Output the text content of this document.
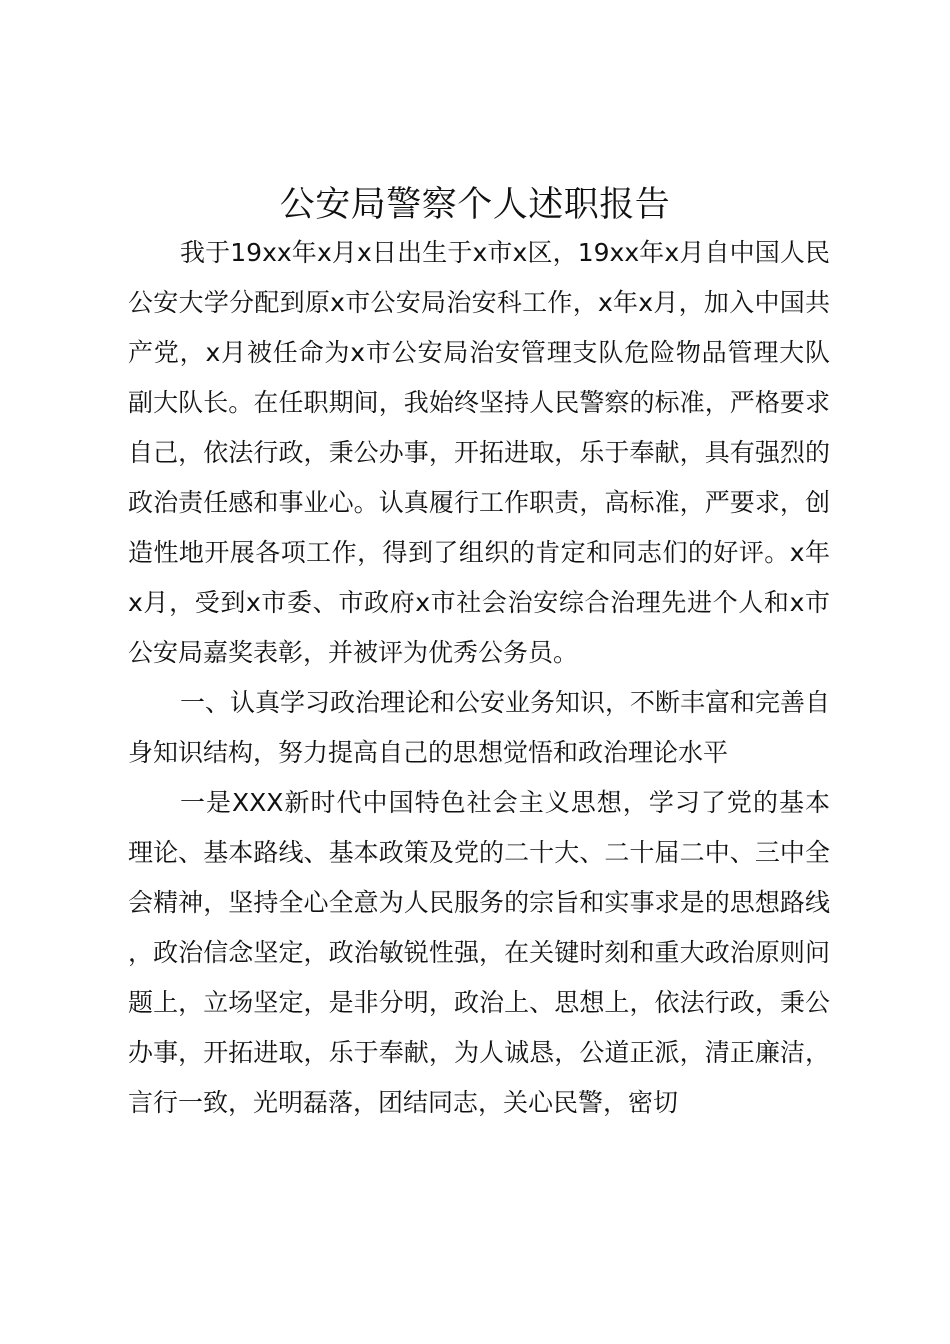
公安局警察个人述职报告

我于19xx年x月x日出生于x市x区，19xx年x月自中国人民公安大学分配到原x市公安局治安科工作，x年x月，加入中国共产党，x月被任命为x市公安局治安管理支队危险物品管理大队副大队长。在任职期间，我始终坚持人民警察的标准，严格要求自己，依法行政，秉公办事，开拓进取，乐于奉献，具有强烈的政治责任感和事业心。认真履行工作职责，高标准，严要求，创造性地开展各项工作，得到了组织的肯定和同志们的好评。x年x月，受到x市委、市政府x市社会治安综合治理先进个人和x市公安局嘉奖表彰，并被评为优秀公务员。

一、认真学习政治理论和公安业务知识，不断丰富和完善自身知识结构，努力提高自己的思想觉悟和政治理论水平

一是XXX新时代中国特色社会主义思想，学习了党的基本理论、基本路线、基本政策及党的二十大、二十届二中、三中全会精神，坚持全心全意为人民服务的宗旨和实事求是的思想路线，政治信念坚定，政治敏锐性强，在关键时刻和重大政治原则问题上，立场坚定，是非分明，政治上、思想上，依法行政，秉公办事，开拓进取，乐于奉献，为人诚恳，公道正派，清正廉洁，言行一致，光明磊落，团结同志，关心民警，密切
